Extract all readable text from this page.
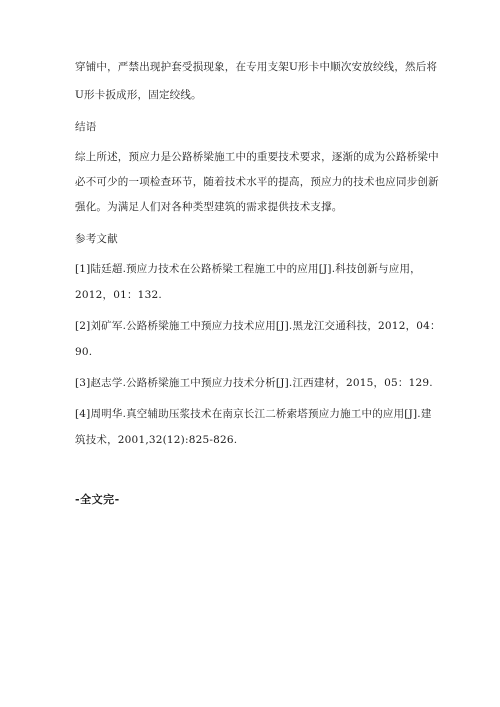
穿铺中，严禁出现护套受损现象，在专用支架U形卡中顺次安放绞线，然后将
U形卡扳成形，固定绞线。
结语
综上所述，预应力是公路桥梁施工中的重要技术要求，逐渐的成为公路桥梁中
必不可少的一项检查环节，随着技术水平的提高，预应力的技术也应同步创新
强化。为满足人们对各种类型建筑的需求提供技术支撑。
参考文献
[1]陆廷超.预应力技术在公路桥梁工程施工中的应用[J].科技创新与应用，
2012，01：132.
[2]刘矿军.公路桥梁施工中预应力技术应用[J].黑龙江交通科技，2012，04：
90.
[3]赵志学.公路桥梁施工中预应力技术分析[J].江西建材，2015，05：129.
[4]周明华.真空辅助压浆技术在南京长江二桥索塔预应力施工中的应用[J].建
筑技术，2001,32(12):825-826.
-全文完-
